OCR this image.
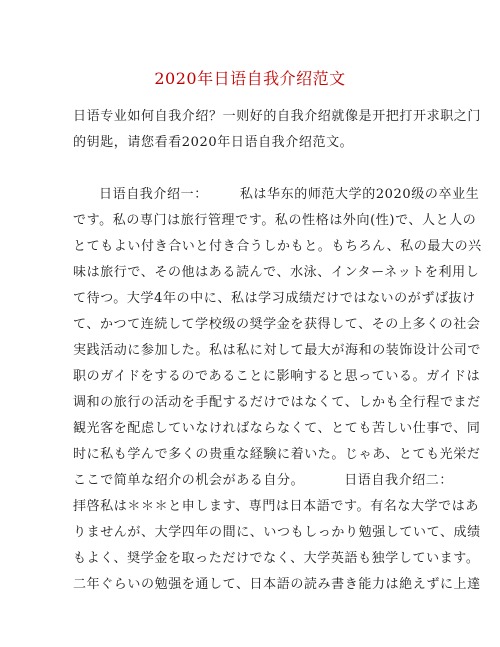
2020年日语自我介绍范文
日语专业如何自我介绍？一则好的自我介绍就像是开把打开求职之门
的钥匙，请您看看2020年日语自我介绍范文。
日语自我介绍一： 私は华东的师范大学的2020级の卒业生
です。私の専门は旅行管理です。私の性格は外向(性)で、人と人の
とてもよい付き合いと付き合うしかもと。もちろん、私の最大の兴
味は旅行で、その他はある読んで、水泳、インターネットを利用し
て待つ。大学4年の中に、私は学习成绩だけではないのがずば抜け
て、かつて连続して学校级の奨学金を获得して、その上多くの社会
実践活动に参加した。私は私に対して最大が海和の装饰设计公司で
职のガイドをするのであることに影响すると思っている。ガイドは
调和の旅行の活动を手配するだけではなくて、しかも全行程でまだ
観光客を配虑していなければならなくて、とても苦しい仕事で、同
时に私も学んで多くの贵重な経験に着いた。じゃあ、とても光栄だ
ここで简单な绍介の机会がある自分。	日语自我介绍二：
拝啓私は＊＊＊と申します、専門は日本語です。有名な大学ではあ
りませんが、大学四年の間に、いつもしっかり勉强していて、成绩
もよく、奨学金を取っただけでなく、大学英語も独学しています。
二年ぐらいの勉强を通して、日本語の読み書き能力は絶えずに上達
